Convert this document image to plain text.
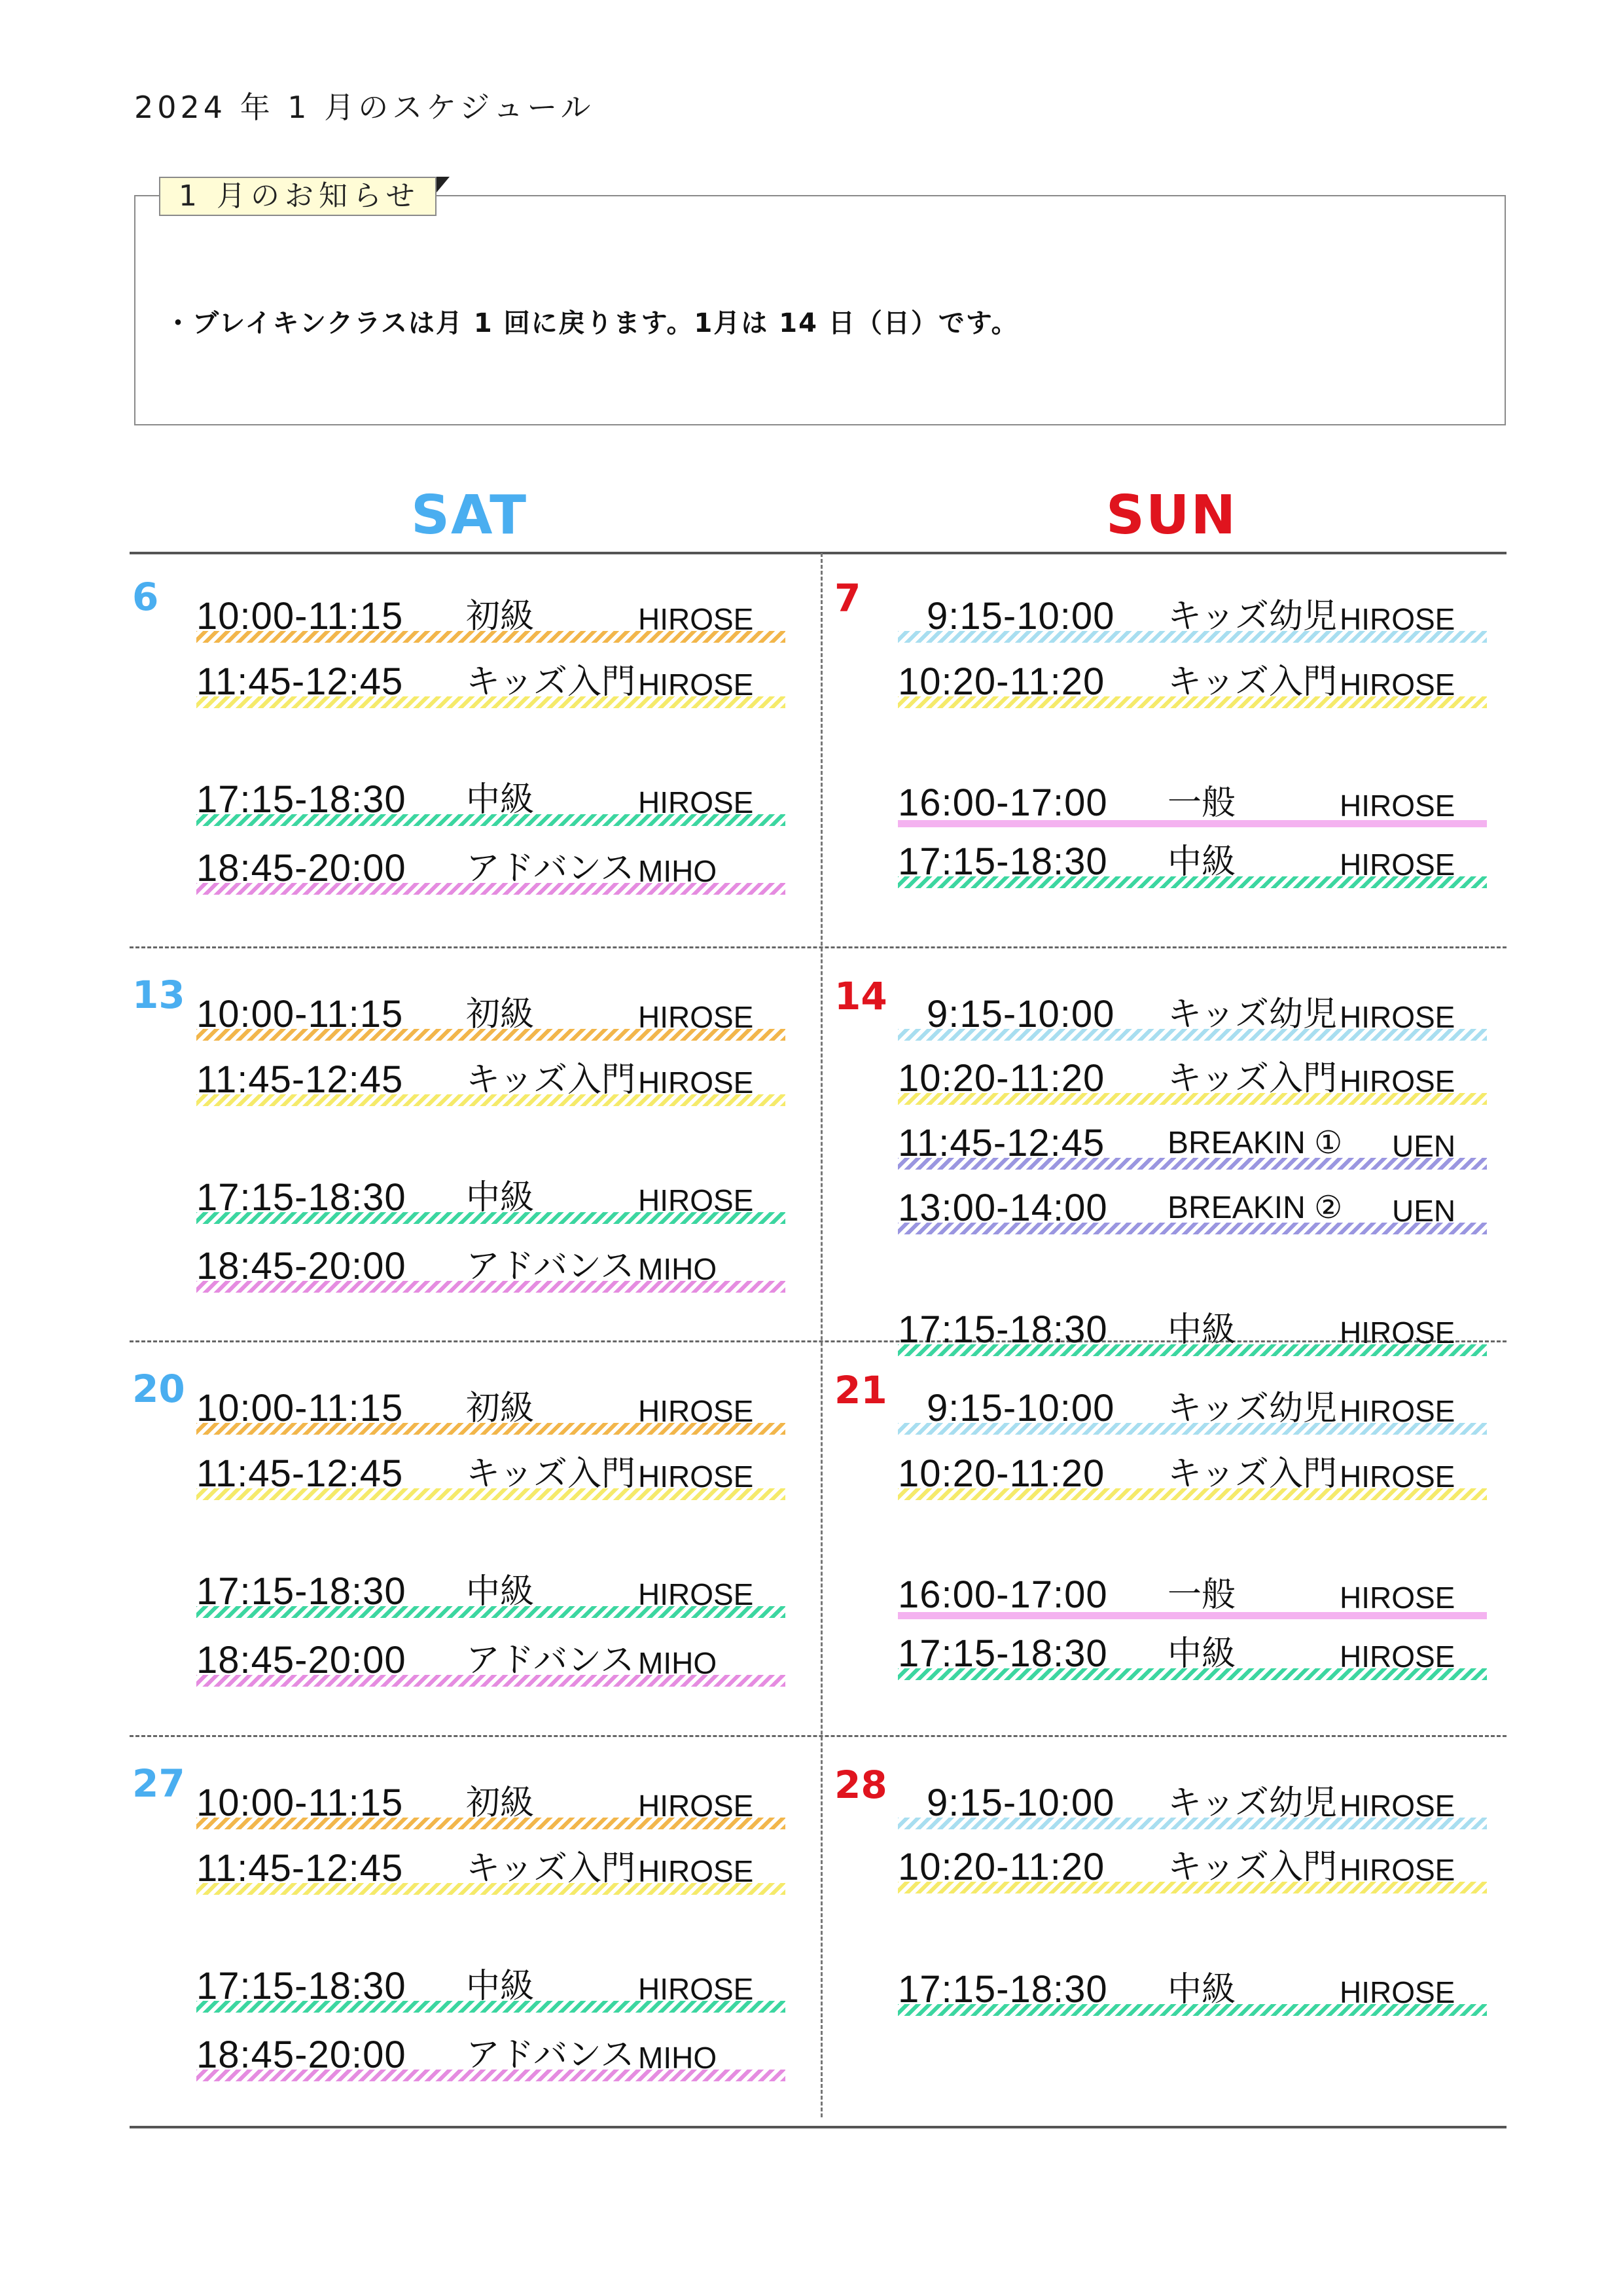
2024 年 1 月のスケジュール
1 月のお知らせ
・ブレイキンクラスは月 1 回に戻ります。1月は 14 日（日）です。
SAT	SUN
6 10:00-11:15 初級	HIROSE
11:45-12:45 キッズ入門 HIROSE
17:15-18:30 中級	HIROSE
18:45-20:00 アドバンス MIHO
7	9:15-10:00 キッズ幼児 HIROSE
10:20-11:20 キッズ入門 HIROSE
16:00-17:00 一般	HIROSE
17:15-18:30 中級	HIROSE
13 10:00-11:15 初級	HIROSE
11:45-12:45 キッズ入門 HIROSE
17:15-18:30 中級	HIROSE
18:45-20:00 アドバンス MIHO
14	9:15-10:00 キッズ幼児 HIROSE
10:20-11:20 キッズ入門 HIROSE
11:45-12:45 BREAKIN ① UEN
13:00-14:00 BREAKIN ② UEN
17:15-18:30 中級	HIROSE
20 10:00-11:15 初級	HIROSE
11:45-12:45 キッズ入門 HIROSE
17:15-18:30 中級	HIROSE
18:45-20:00 アドバンス MIHO
21	9:15-10:00 キッズ幼児 HIROSE
10:20-11:20 キッズ入門 HIROSE
16:00-17:00 一般	HIROSE
17:15-18:30 中級	HIROSE
27 10:00-11:15 初級	HIROSE
11:45-12:45 キッズ入門 HIROSE
17:15-18:30 中級	HIROSE
18:45-20:00 アドバンス MIHO
28	9:15-10:00 キッズ幼児 HIROSE
10:20-11:20 キッズ入門 HIROSE
17:15-18:30 中級	HIROSE
